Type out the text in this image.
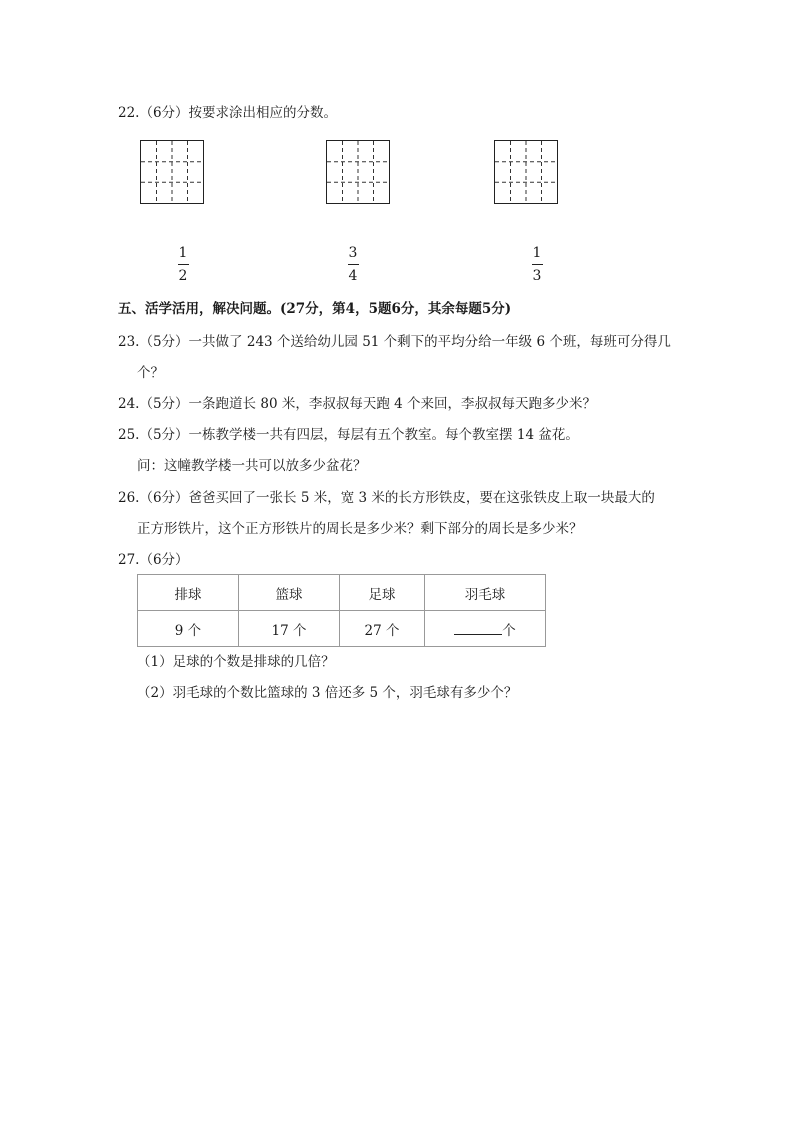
22.（6分）按要求涂出相应的分数。
1
2
3
4
1
3
五、活学活用，解决问题。(27分，第4，5题6分，其余每题5分)
23.（5分）一共做了 243 个送给幼儿园 51 个剩下的平均分给一年级 6 个班，每班可分得几
个？
24.（5分）一条跑道长 80 米，李叔叔每天跑 4 个来回，李叔叔每天跑多少米？
25.（5分）一栋教学楼一共有四层，每层有五个教室。每个教室摆 14 盆花。
问：这幢教学楼一共可以放多少盆花？
26.（6分）爸爸买回了一张长 5 米，宽 3 米的长方形铁皮，要在这张铁皮上取一块最大的
正方形铁片，这个正方形铁片的周长是多少米？剩下部分的周长是多少米？
27.（6分）
排球	篮球	足球	羽毛球
9 个	17 个	27 个	个
（1）足球的个数是排球的几倍？
（2）羽毛球的个数比篮球的 3 倍还多 5 个，羽毛球有多少个？
